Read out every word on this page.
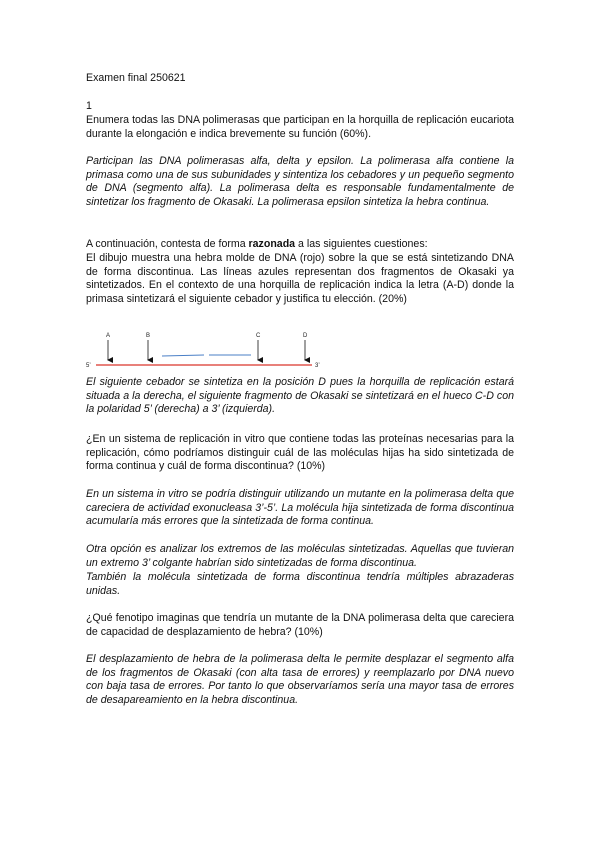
Examen final 250621

1

Enumera todas las DNA polimerasas que participan en la horquilla de replicación eucariota durante la elongación e indica brevemente su función (60%).

Participan las DNA polimerasas alfa, delta y epsilon. La polimerasa alfa contiene la primasa como una de sus subunidades y sintentiza los cebadores y un pequeño segmento de DNA (segmento alfa). La polimerasa delta es responsable fundamentalmente de sintetizar los fragmento de Okasaki. La polimerasa epsilon sintetiza la hebra continua.

A continuación, contesta de forma razonada a las siguientes cuestiones:

El dibujo muestra una hebra molde de DNA (rojo) sobre la que se está sintetizando DNA de forma discontinua. Las líneas azules representan dos fragmentos de Okasaki ya sintetizados. En el contexto de una horquilla de replicación indica la letra (A-D) donde la primasa sintetizará el siguiente cebador y justifica tu elección. (20%)

5’	3’
A	B	C	D

El siguiente cebador se sintetiza en la posición D pues la horquilla de replicación estará situada a la derecha, el siguiente fragmento de Okasaki se sintetizará en el hueco C-D con la polaridad 5’ (derecha) a 3’ (izquierda).

¿En un sistema de replicación in vitro que contiene todas las proteínas necesarias para la replicación, cómo podríamos distinguir cuál de las moléculas hijas ha sido sintetizada de forma continua y cuál de forma discontinua? (10%)

En un sistema in vitro se podría distinguir utilizando un mutante en la polimerasa delta que careciera de actividad exonucleasa 3’-5’. La molécula hija sintetizada de forma discontinua acumularía más errores que la sintetizada de forma continua.

Otra opción es analizar los extremos de las moléculas sintetizadas. Aquellas que tuvieran un extremo 3’ colgante habrían sido sintetizadas de forma discontinua.

También la molécula sintetizada de forma discontinua tendría múltiples abrazaderas unidas.

¿Qué fenotipo imaginas que tendría un mutante de la DNA polimerasa delta que careciera de capacidad de desplazamiento de hebra? (10%)

El desplazamiento de hebra de la polimerasa delta le permite desplazar el segmento alfa de los fragmentos de Okasaki (con alta tasa de errores) y reemplazarlo por DNA nuevo con baja tasa de errores. Por tanto lo que observaríamos sería una mayor tasa de errores de desapareamiento en la hebra discontinua.
